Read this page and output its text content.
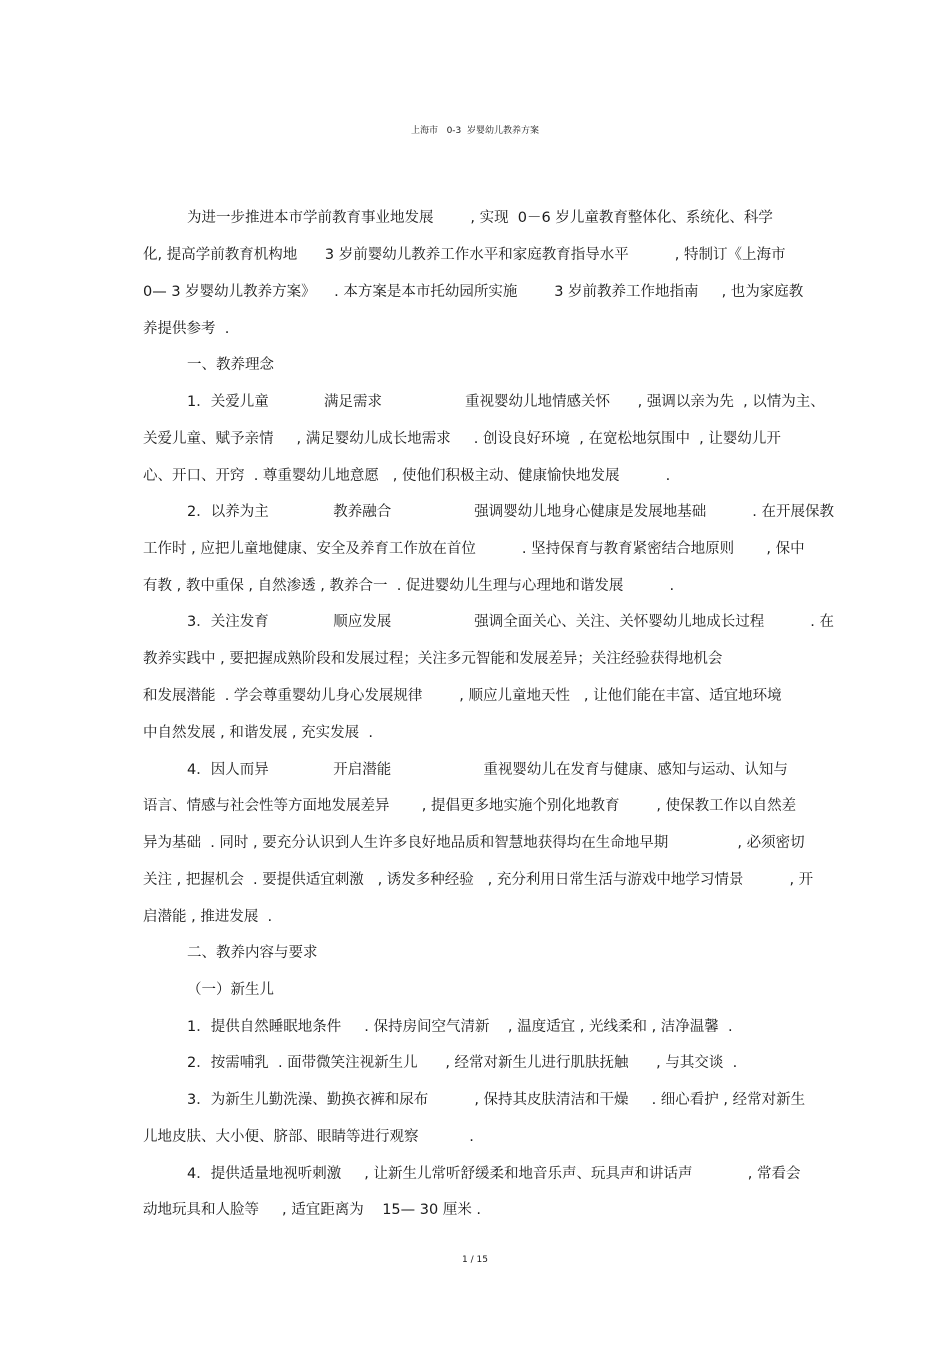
上海市   0-3  岁婴幼儿教养方案
为进一步推进本市学前教育事业地发展        , 实现  0－6 岁儿童教育整体化、系统化、科学
化, 提高学前教育机构地      3 岁前婴幼儿教养工作水平和家庭教育指导水平          , 特制订《上海市
0— 3 岁婴幼儿教养方案》    . 本方案是本市托幼园所实施        3 岁前教养工作地指南     , 也为家庭教
养提供参考  .
一、教养理念
1．关爱儿童            满足需求                  重视婴幼儿地情感关怀      , 强调以亲为先  , 以情为主、
关爱儿童、赋予亲情     , 满足婴幼儿成长地需求     . 创设良好环境  , 在宽松地氛围中  , 让婴幼儿开
心、开口、开窍  . 尊重婴幼儿地意愿   , 使他们积极主动、健康愉快地发展          .
2．以养为主              教养融合                  强调婴幼儿地身心健康是发展地基础          . 在开展保教
工作时 , 应把儿童地健康、安全及养育工作放在首位          . 坚持保育与教育紧密结合地原则       , 保中
有教 , 教中重保 , 自然渗透 , 教养合一  . 促进婴幼儿生理与心理地和谐发展          .
3．关注发育              顺应发展                  强调全面关心、关注、关怀婴幼儿地成长过程          . 在
教养实践中 , 要把握成熟阶段和发展过程；关注多元智能和发展差异；关注经验获得地机会
和发展潜能  . 学会尊重婴幼儿身心发展规律        , 顺应儿童地天性   , 让他们能在丰富、适宜地环境
中自然发展 , 和谐发展 , 充实发展  .
4．因人而异              开启潜能                    重视婴幼儿在发育与健康、感知与运动、认知与
语言、情感与社会性等方面地发展差异       , 提倡更多地实施个别化地教育        , 使保教工作以自然差
异为基础  . 同时 , 要充分认识到人生许多良好地品质和智慧地获得均在生命地早期               , 必须密切
关注 , 把握机会  . 要提供适宜刺激   , 诱发多种经验   , 充分利用日常生活与游戏中地学习情景          , 开
启潜能 , 推进发展  .
二、教养内容与要求
（一）新生儿
1．提供自然睡眠地条件     . 保持房间空气清新    , 温度适宜 , 光线柔和 , 洁净温馨  .
2．按需哺乳  . 面带微笑注视新生儿      , 经常对新生儿进行肌肤抚触      , 与其交谈  .
3．为新生儿勤洗澡、勤换衣裤和尿布          , 保持其皮肤清洁和干燥     . 细心看护 , 经常对新生
儿地皮肤、大小便、脐部、眼睛等进行观察           .
4．提供适量地视听刺激     , 让新生儿常听舒缓柔和地音乐声、玩具声和讲话声            , 常看会
动地玩具和人脸等     , 适宜距离为    15— 30 厘米 .
1 / 15
